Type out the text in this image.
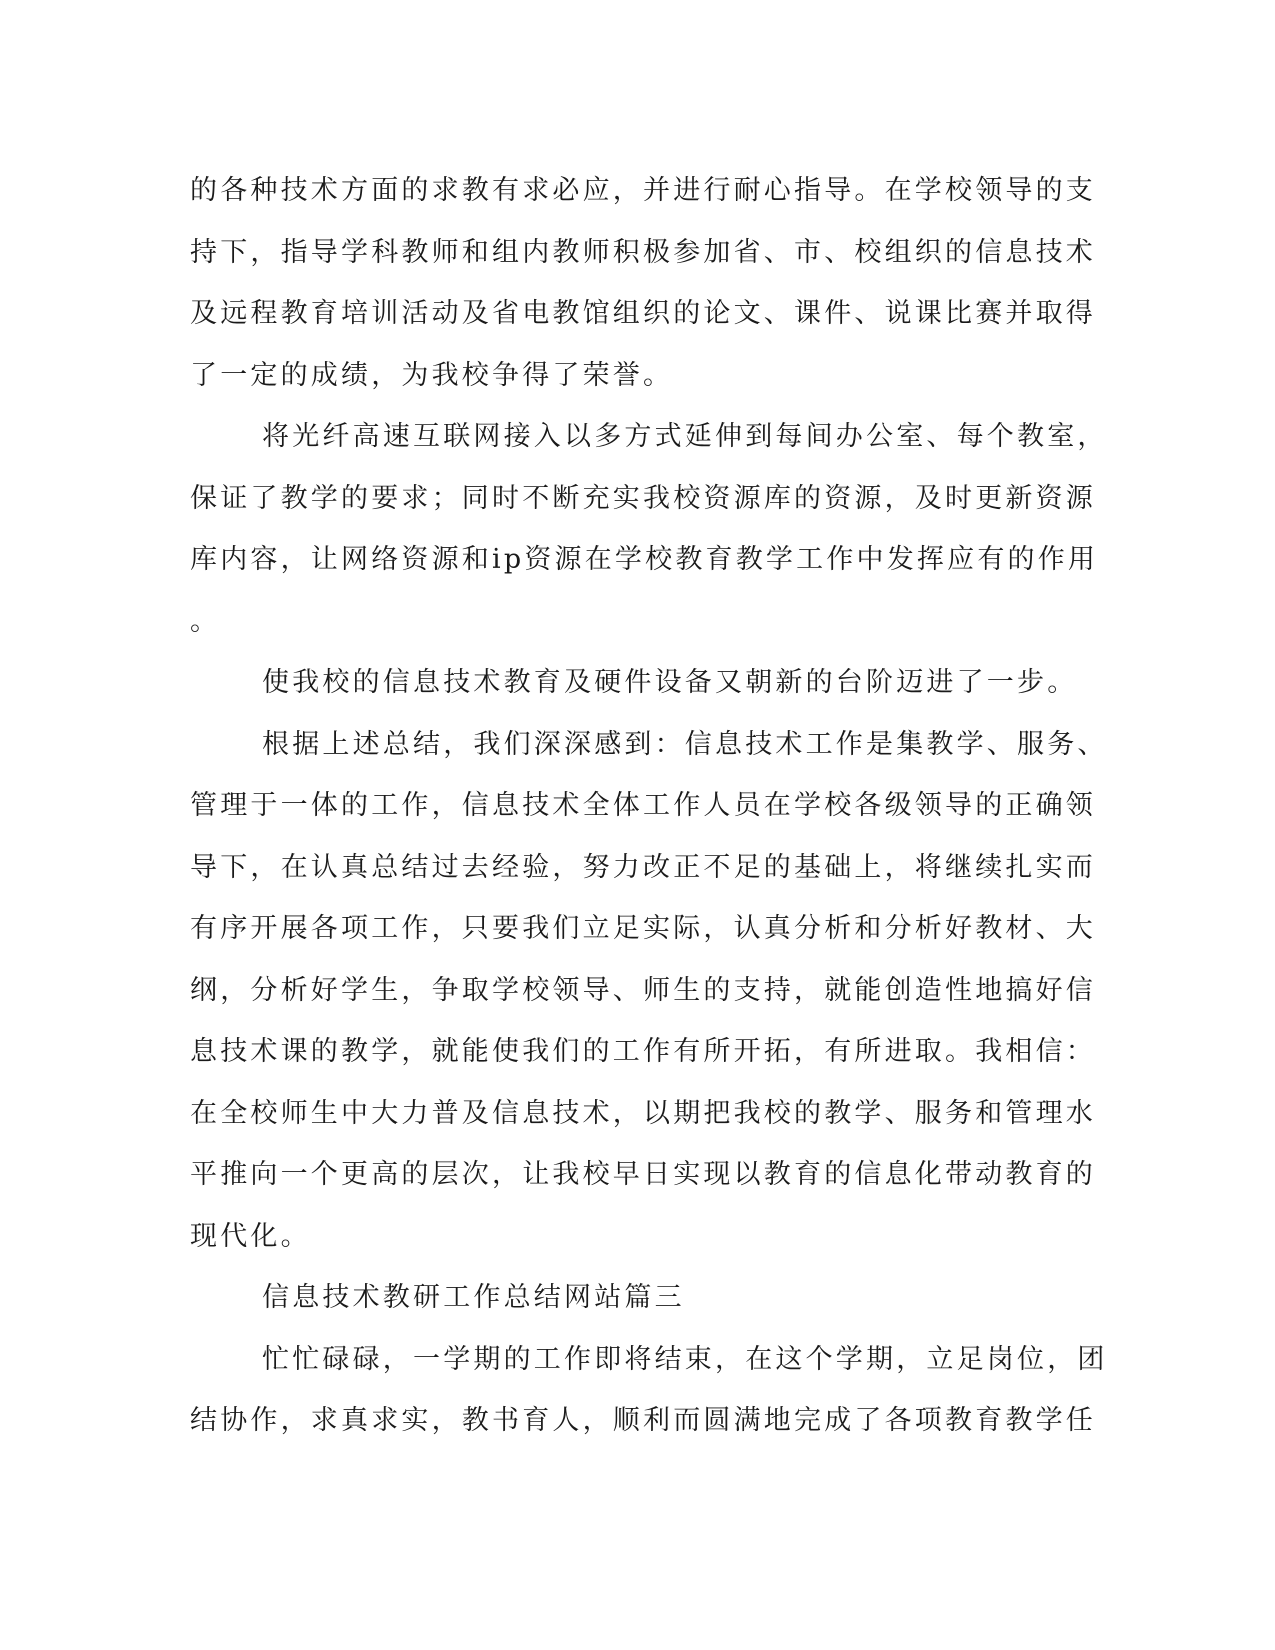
的各种技术方面的求教有求必应，并进行耐心指导。在学校领导的支
持下，指导学科教师和组内教师积极参加省、市、校组织的信息技术
及远程教育培训活动及省电教馆组织的论文、课件、说课比赛并取得
了一定的成绩，为我校争得了荣誉。

将光纤高速互联网接入以多方式延伸到每间办公室、每个教室，
保证了教学的要求；同时不断充实我校资源库的资源，及时更新资源
库内容，让网络资源和ip资源在学校教育教学工作中发挥应有的作用
。

使我校的信息技术教育及硬件设备又朝新的台阶迈进了一步。

根据上述总结，我们深深感到：信息技术工作是集教学、服务、
管理于一体的工作，信息技术全体工作人员在学校各级领导的正确领
导下，在认真总结过去经验，努力改正不足的基础上，将继续扎实而
有序开展各项工作，只要我们立足实际，认真分析和分析好教材、大
纲，分析好学生，争取学校领导、师生的支持，就能创造性地搞好信
息技术课的教学，就能使我们的工作有所开拓，有所进取。我相信：
在全校师生中大力普及信息技术，以期把我校的教学、服务和管理水
平推向一个更高的层次，让我校早日实现以教育的信息化带动教育的
现代化。

信息技术教研工作总结网站篇三

忙忙碌碌，一学期的工作即将结束，在这个学期，立足岗位，团
结协作，求真求实，教书育人，顺利而圆满地完成了各项教育教学任
